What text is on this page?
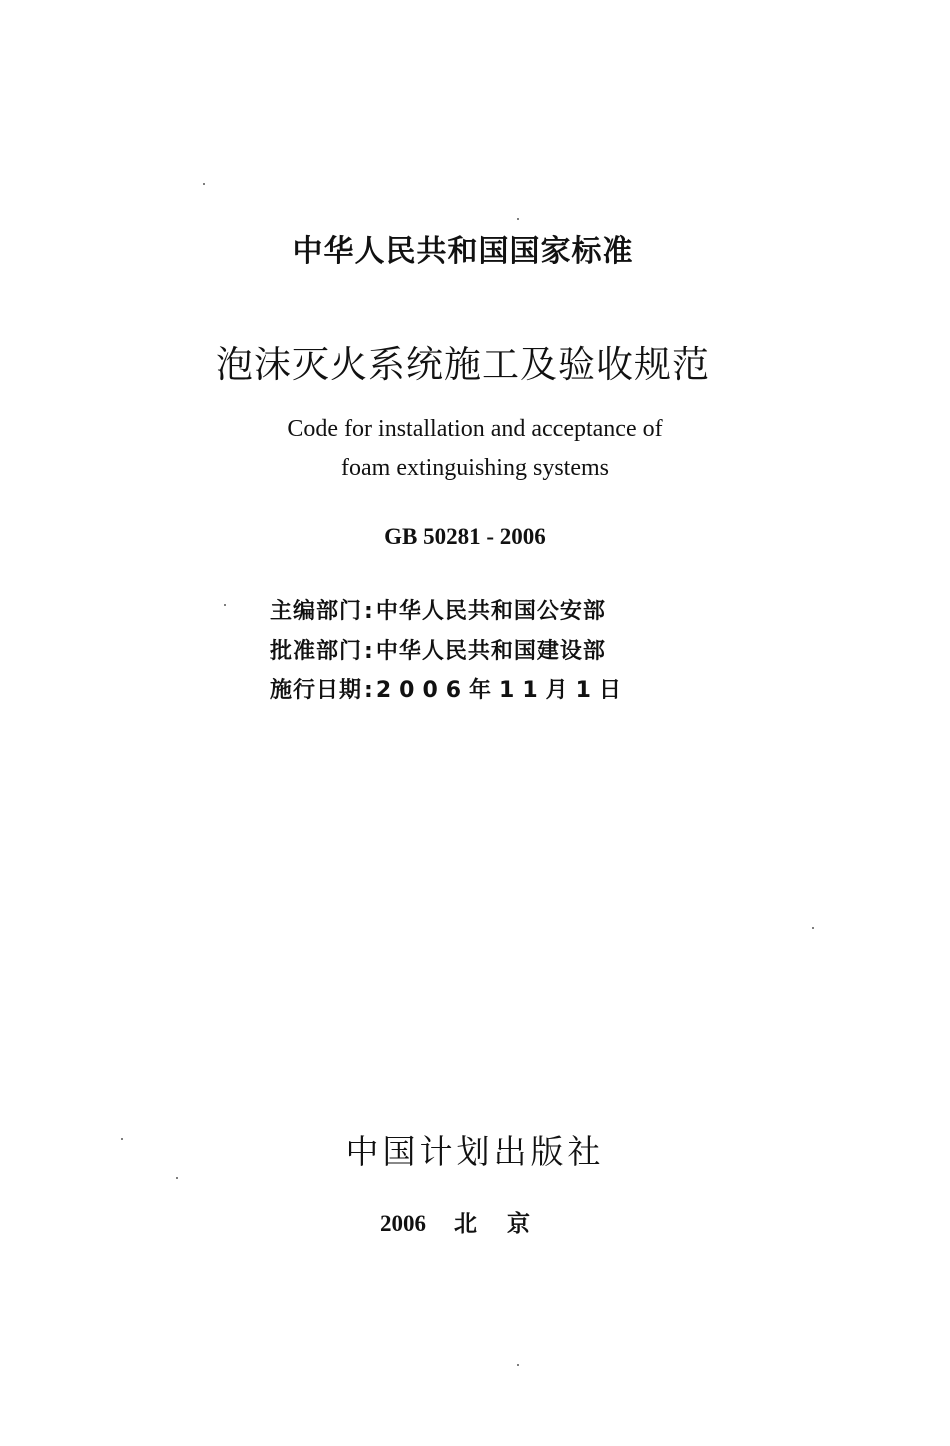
中华人民共和国国家标准
泡沫灭火系统施工及验收规范
Code for installation and acceptance of
foam extinguishing systems
GB 50281 - 2006
主编部门:中华人民共和国公安部
批准部门:中华人民共和国建设部
施行日期:2006年11月1日
中国计划出版社
2006 北京
